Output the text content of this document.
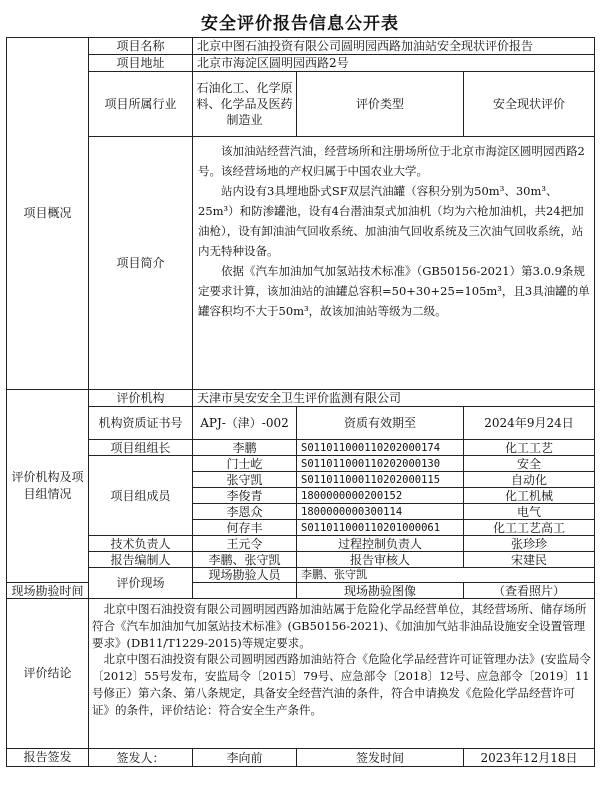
安全评价报告信息公开表
项目概况	项目名称	北京中图石油投资有限公司圆明园西路加油站安全现状评价报告		
	项目地址	北京市海淀区圆明园西路2号		
	项目所属行业	石油化工、化学原料、化学品及医药制造业	评价类型	安全现状评价
	项目简介	该加油站经营汽油，经营场所和注册场所位于北京市海淀区圆明园西路2号。该经营场地的产权归属于中国农业大学。

站内设有3具埋地卧式SF双层汽油罐（容积分别为50m³、30m³、25m³）和防渗罐池，设有4台潜油泵式加油机（均为六枪加油机，共24把加油枪），设有卸油油气回收系统、加油油气回收系统及三次油气回收系统，站内无特种设备。

依据《汽车加油加气加氢站技术标准》（GB50156-2021）第3.0.9条规定要求计算，该加油站的油罐总容积=50+30+25=105m³，且3具油罐的单罐容积均不大于50m³，故该加油站等级为二级。		

评价机构及项目组情况	评价机构	天津市昊安安全卫生评价监测有限公司		
	机构资质证书号	APJ-（津）-002	资质有效期至	2024年9月24日
	项目组组长	李鹏	S011011000110202000174	化工工艺
	项目组成员	门士屹	S011011000110202000130	安全
		张守凯	S011011000110202000115	自动化
		李俊青	1800000000200152	化工机械
		李恩众	1800000000300114	电气
		何存丰	S011011000110201000061	化工工艺高工
	技术负责人	王元令	过程控制负责人	张珍珍
	报告编制人	李鹏、张守凯	报告审核人	宋建民
	评价现场	现场勘验人员	李鹏、张守凯	
现场勘验时间			现场勘验图像	（查看照片）
评价结论	北京中图石油投资有限公司圆明园西路加油站属于危险化学品经营单位，其经营场所、储存场所符合《汽车加油加气加氢站技术标准》(GB50156-2021)、《加油加气站非油品设施安全设置管理要求》(DB11/T1229-2015)等规定要求。

北京中图石油投资有限公司圆明园西路加油站符合《危险化学品经营许可证管理办法》(安监局令〔2012〕55号发布，安监局令〔2015〕79号、应急部令〔2018〕12号、应急部令〔2019〕11号修正）第六条、第八条规定，具备安全经营汽油的条件，符合申请换发《危险化学品经营许可证》的条件，评价结论：符合安全生产条件。			

报告签发	签发人：	李向前	签发时间	2023年12月18日
